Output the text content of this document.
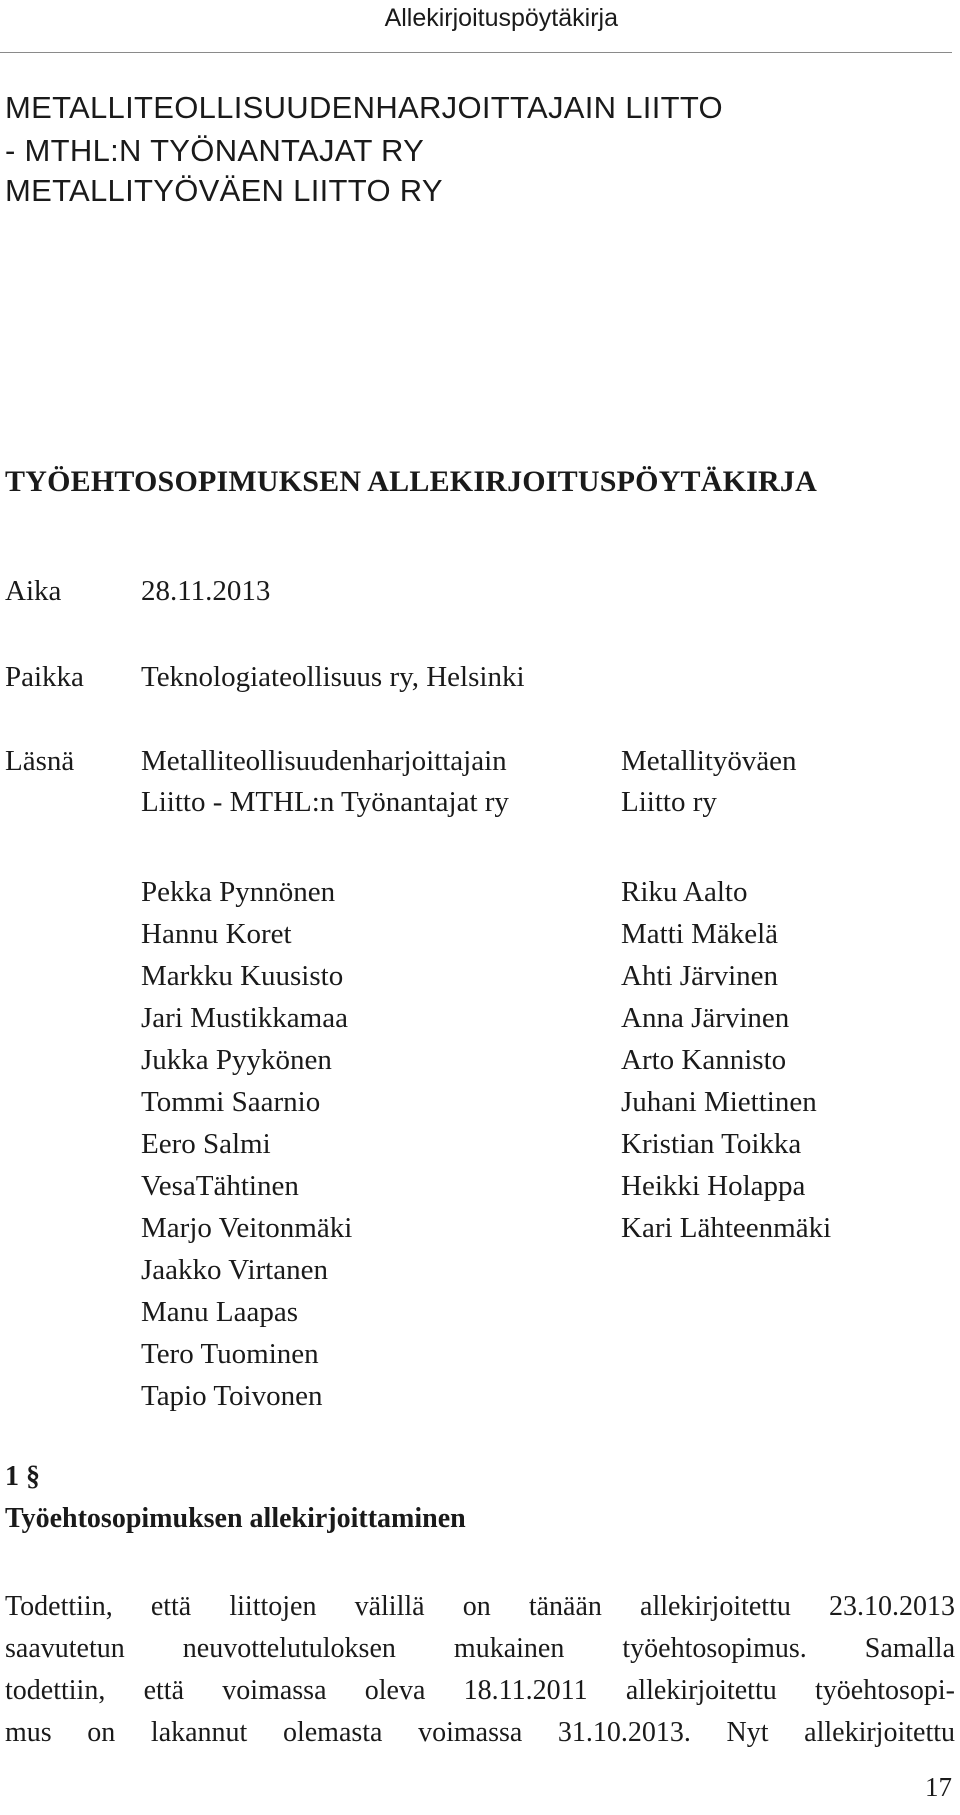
Allekirjoituspöytäkirja
METALLITEOLLISUUDENHARJOITTAJAIN LIITTO
- MTHL:N TYÖNANTAJAT RY
METALLITYÖVÄEN LIITTO RY
TYÖEHTOSOPIMUKSEN ALLEKIRJOITUSPÖYTÄKIRJA
Aika	28.11.2013
Paikka Teknologiateollisuus ry, Helsinki
Läsnä Metalliteollisuudenharjoittajain
Liitto - MTHL:n Työnantajat ry
Metallityöväen
Liitto ry
Pekka Pynnönen
Hannu Koret
Markku Kuusisto
Jari Mustikkamaa
Jukka Pyykönen
Tommi Saarnio
Eero Salmi
VesaTähtinen
Marjo Veitonmäki
Jaakko Virtanen
Manu Laapas
Tero Tuominen
Tapio Toivonen
Riku Aalto
Matti Mäkelä
Ahti Järvinen
Anna Järvinen
Arto Kannisto
Juhani Miettinen
Kristian Toikka
Heikki Holappa
Kari Lähteenmäki
1 §
Työehtosopimuksen allekirjoittaminen
Todettiin, että liittojen välillä on tänään allekirjoitettu 23.10.2013
saavutetun neuvottelutuloksen mukainen työehtosopimus. Samalla
todettiin, että voimassa oleva 18.11.2011 allekirjoitettu työehtosopi-
mus on lakannut olemasta voimassa 31.10.2013. Nyt allekirjoitettu
17
